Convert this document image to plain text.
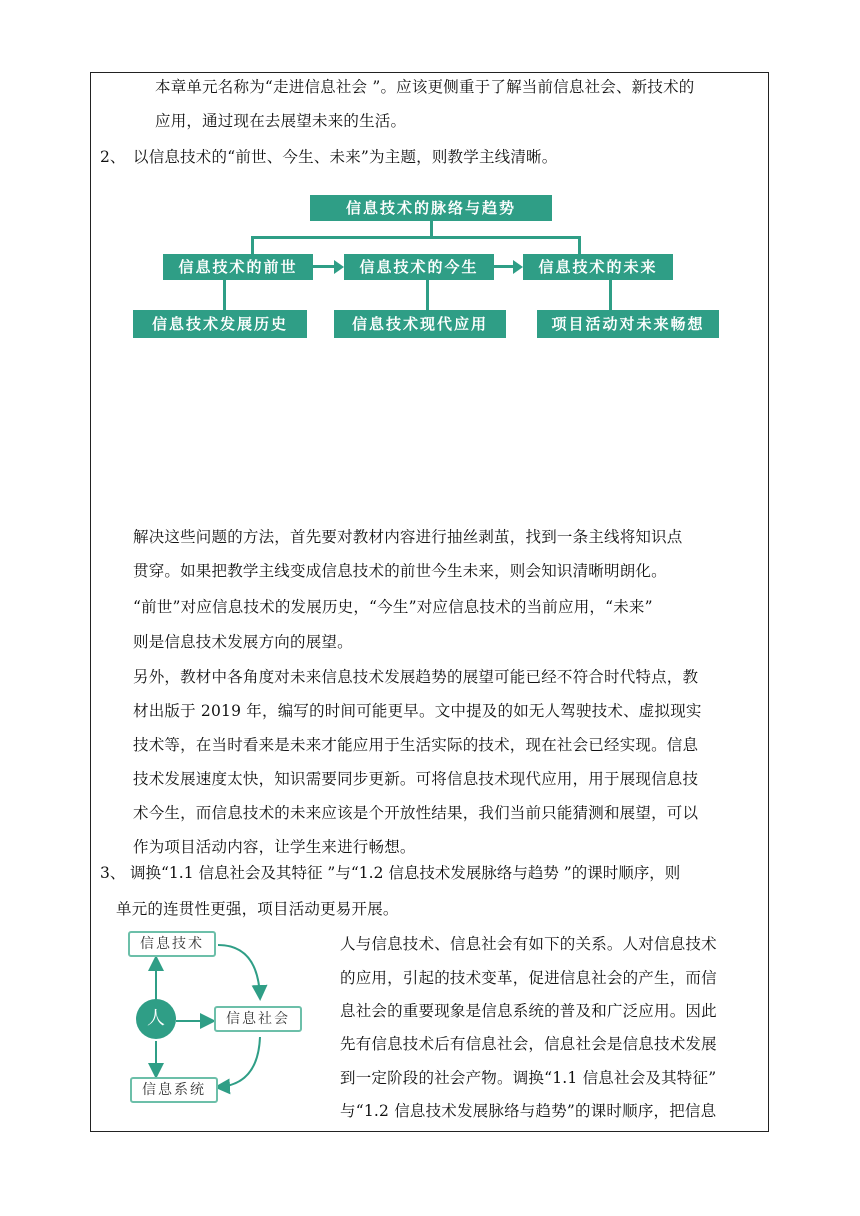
本章单元名称为“走进信息社会 ”。应该更侧重于了解当前信息社会、新技术的
应用，通过现在去展望未来的生活。
2、 以信息技术的“前世、今生、未来”为主题，则教学主线清晰。
信息技术的脉络与趋势
信息技术的前世	信息技术的今生	信息技术的未来
信息技术发展历史	信息技术现代应用	项目活动对未来畅想
解决这些问题的方法，首先要对教材内容进行抽丝剥茧，找到一条主线将知识点
贯穿。如果把教学主线变成信息技术的前世今生未来，则会知识清晰明朗化。
“前世”对应信息技术的发展历史，“今生”对应信息技术的当前应用，“未来”
则是信息技术发展方向的展望。
另外，教材中各角度对未来信息技术发展趋势的展望可能已经不符合时代特点，教
材出版于 2019 年，编写的时间可能更早。文中提及的如无人驾驶技术、虚拟现实
技术等，在当时看来是未来才能应用于生活实际的技术，现在社会已经实现。信息
技术发展速度太快，知识需要同步更新。可将信息技术现代应用，用于展现信息技
术今生，而信息技术的未来应该是个开放性结果，我们当前只能猜测和展望，可以
作为项目活动内容，让学生来进行畅想。
3、 调换“1.1 信息社会及其特征 ”与“1.2 信息技术发展脉络与趋势 ”的课时顺序，则
单元的连贯性更强，项目活动更易开展。
信息技术
人	信息社会
信息系统
人与信息技术、信息社会有如下的关系。人对信息技术
的应用，引起的技术变革，促进信息社会的产生，而信
息社会的重要现象是信息系统的普及和广泛应用。因此
先有信息技术后有信息社会，信息社会是信息技术发展
到一定阶段的社会产物。调换“1.1 信息社会及其特征”
与“1.2 信息技术发展脉络与趋势”的课时顺序，把信息
